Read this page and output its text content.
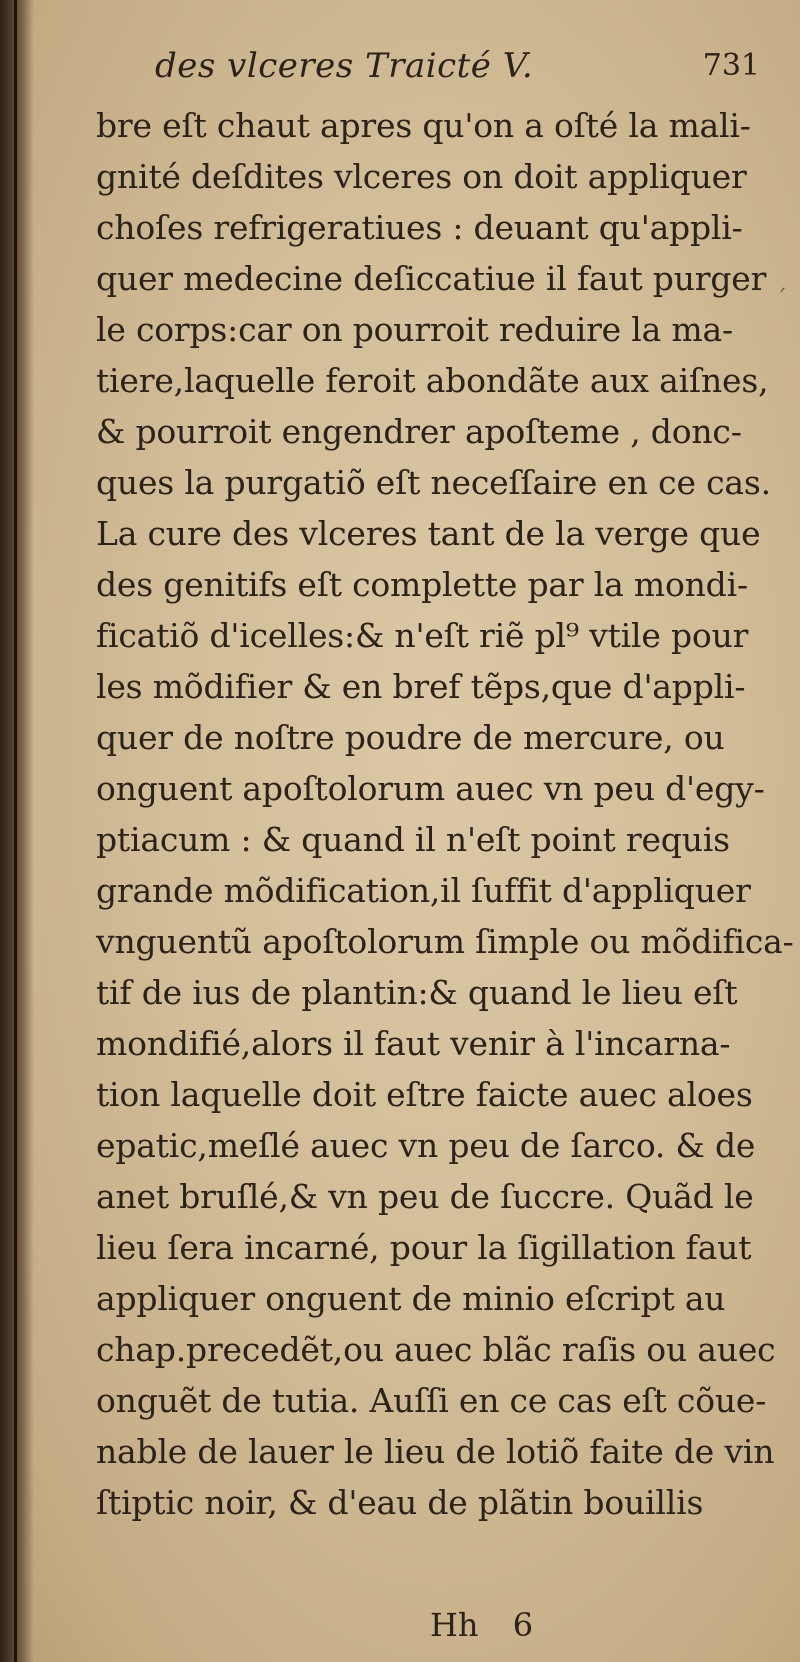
des vlceres Traicté V.	731
bre eſt chaut apres qu'on a oſté la mali-
gnité deſdites vlceres on doit appliquer
choſes refrigeratiues : deuant qu'appli-
quer medecine deſiccatiue il faut purger
le corps:car on pourroit reduire la ma-
tiere,laquelle feroit abondãte aux aiſnes,
& pourroit engendrer apoſteme , donc-
ques la purgatiõ eſt neceſſaire en ce cas.
La cure des vlceres tant de la verge que
des genitifs eſt complette par la mondi-
ficatiõ d'icelles:& n'eſt riẽ pl⁹ vtile pour
les mõdifier & en bref tẽps,que d'appli-
quer de noſtre poudre de mercure, ou
onguent apoſtolorum auec vn peu d'egy-
ptiacum : & quand il n'eſt point requis
grande mõdification,il ſuffit d'appliquer
vnguentũ apoſtolorum ſimple ou mõdifica-
tif de ius de plantin:& quand le lieu eſt
mondifié,alors il faut venir à l'incarna-
tion laquelle doit eſtre faicte auec aloes
epatic,meſlé auec vn peu de ſarco. & de
anet bruſlé,& vn peu de ſuccre. Quãd le
lieu ſera incarné, pour la ſigillation faut
appliquer onguent de minio eſcript au
chap.precedẽt,ou auec blãc raſis ou auec
onguẽt de tutia. Auſſi en ce cas eſt cõue-
nable de lauer le lieu de lotiõ faite de vin
ſtiptic noir, & d'eau de plãtin bouillis
´
Hh 6
